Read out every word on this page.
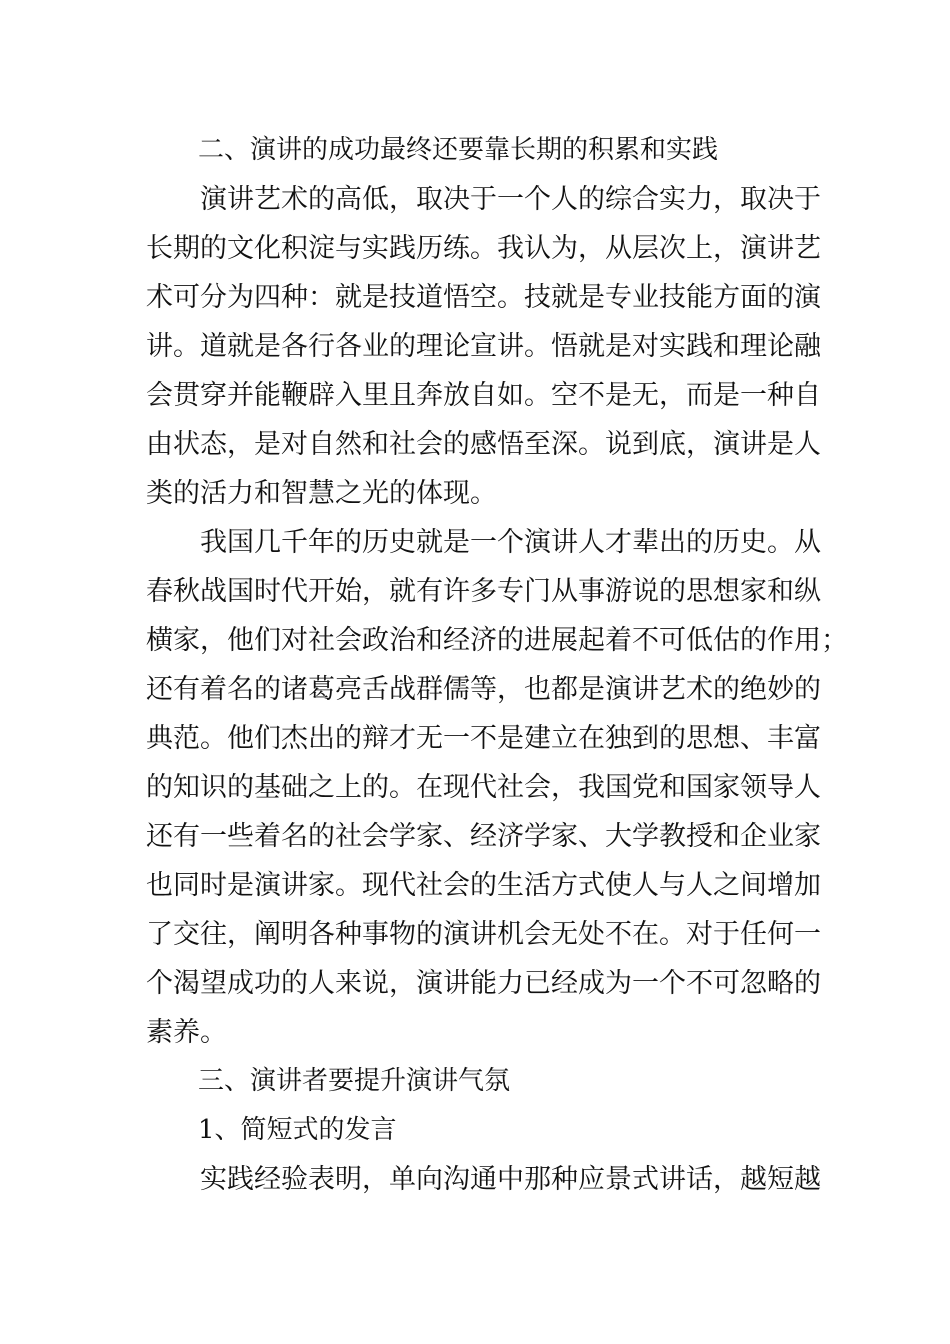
二、演讲的成功最终还要靠长期的积累和实践

演讲艺术的高低，取决于一个人的综合实力，取决于
长期的文化积淀与实践历练。我认为，从层次上，演讲艺
术可分为四种：就是技道悟空。技就是专业技能方面的演
讲。道就是各行各业的理论宣讲。悟就是对实践和理论融
会贯穿并能鞭辟入里且奔放自如。空不是无，而是一种自
由状态，是对自然和社会的感悟至深。说到底，演讲是人
类的活力和智慧之光的体现。

我国几千年的历史就是一个演讲人才辈出的历史。从
春秋战国时代开始，就有许多专门从事游说的思想家和纵
横家，他们对社会政治和经济的进展起着不可低估的作用；
还有着名的诸葛亮舌战群儒等，也都是演讲艺术的绝妙的
典范。他们杰出的辩才无一不是建立在独到的思想、丰富
的知识的基础之上的。在现代社会，我国党和国家领导人
还有一些着名的社会学家、经济学家、大学教授和企业家
也同时是演讲家。现代社会的生活方式使人与人之间增加
了交往，阐明各种事物的演讲机会无处不在。对于任何一
个渴望成功的人来说，演讲能力已经成为一个不可忽略的
素养。

三、演讲者要提升演讲气氛

1、简短式的发言

实践经验表明，单向沟通中那种应景式讲话，越短越
